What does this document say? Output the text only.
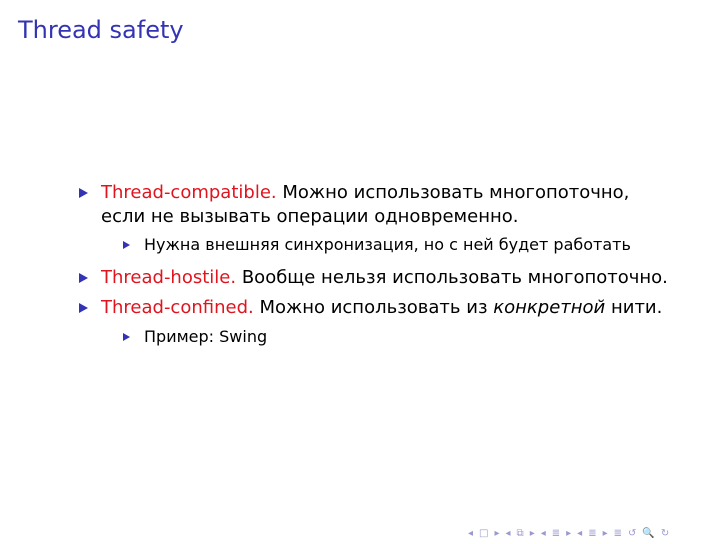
Thread safety
Thread-compatible. Можно использовать многопоточно,
если не вызывать операции одновременно.
Нужна внешняя синхронизация, но с ней будет работать
Thread-hostile. Вообще нельзя использовать многопоточно.
Thread-confined. Можно использовать из конкретной нити.
Пример: Swing
◂ □ ▸ ◂ ⧉ ▸ ◂ ≣ ▸ ◂ ≣ ▸ ≣ ↺ 🔍 ↻
